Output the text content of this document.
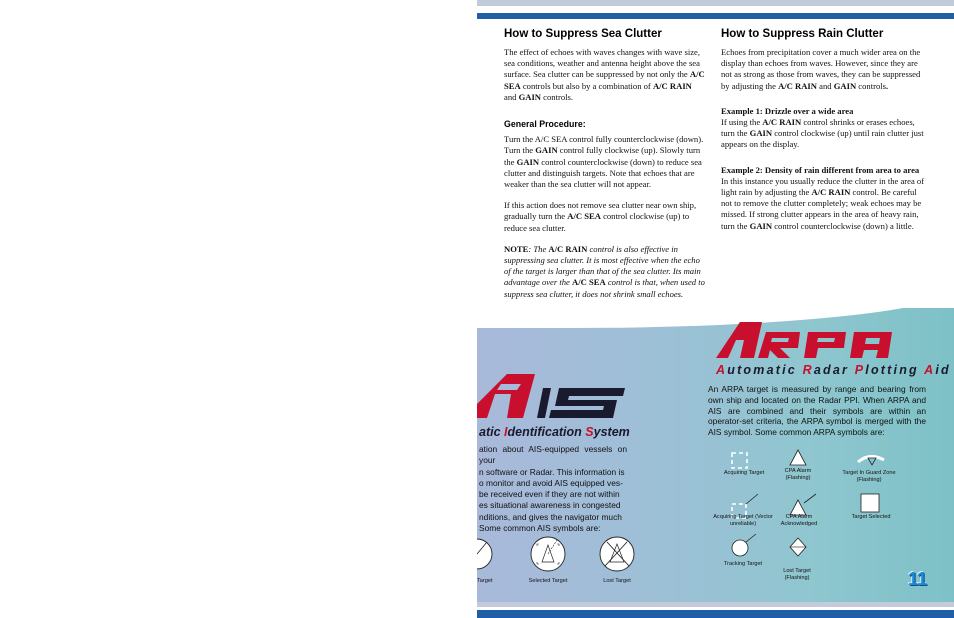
How to Suppress Sea Clutter

The effect of echoes with waves changes with wave size, sea conditions, weather and antenna height above the sea surface. Sea clutter can be suppressed by not only the A/C SEA controls but also by a combination of A/C RAIN and GAIN controls.

General Procedure:

Turn the A/C SEA control fully counterclockwise (down). Turn the GAIN control fully clockwise (up). Slowly turn the GAIN control counterclockwise (down) to reduce sea clutter and distinguish targets. Note that echoes that are weaker than the sea clutter will not appear.

If this action does not remove sea clutter near own ship, gradually turn the A/C SEA control clockwise (up) to reduce sea clutter.

NOTE: The A/C RAIN control is also effective in suppressing sea clutter. It is most effective when the echo of the target is larger than that of the sea clutter. Its main advantage over the A/C SEA control is that, when used to suppress sea clutter, it does not shrink small echoes.

How to Suppress Rain Clutter

Echoes from precipitation cover a much wider area on the display than echoes from waves. However, since they are not as strong as those from waves, they can be suppressed by adjusting the A/C RAIN and GAIN controls.

Example 1: Drizzle over a wide area

If using the A/C RAIN control shrinks or erases echoes, turn the GAIN control clockwise (up) until rain clutter just appears on the display.

Example 2: Density of rain different from area to area

In this instance you usually reduce the clutter in the area of light rain by adjusting the A/C RAIN control. Be careful not to remove the clutter completely; weak echoes may be missed. If strong clutter appears in the area of heavy rain, turn the GAIN control counterclockwise (down) a little.

Automatic Radar Plotting Aid
An ARPA target is measured by range and bearing from own ship and located on the Radar PPI. When ARPA and AIS are combined and their symbols are within an operator-set criteria, the ARPA symbol is merged with the AIS symbol. Some common ARPA symbols are:
Acquiring Target	CPA Alarm (Flashing)
Target In Guard Zone (Flashing)
Acquiring Target (Vector unreliable)
CPA Alarm Acknowledged
Target Selected
Tracking Target
Lost Target (Flashing)
atic Identification System
ation about AIS-equipped vessels on your
n software or Radar. This information is
o monitor and avoid AIS equipped ves-
be received even if they are not within
es situational awareness in congested
nditions, and gives the navigator much
Some common AIS symbols are:
Target	Selected Target	Lost Target	11
